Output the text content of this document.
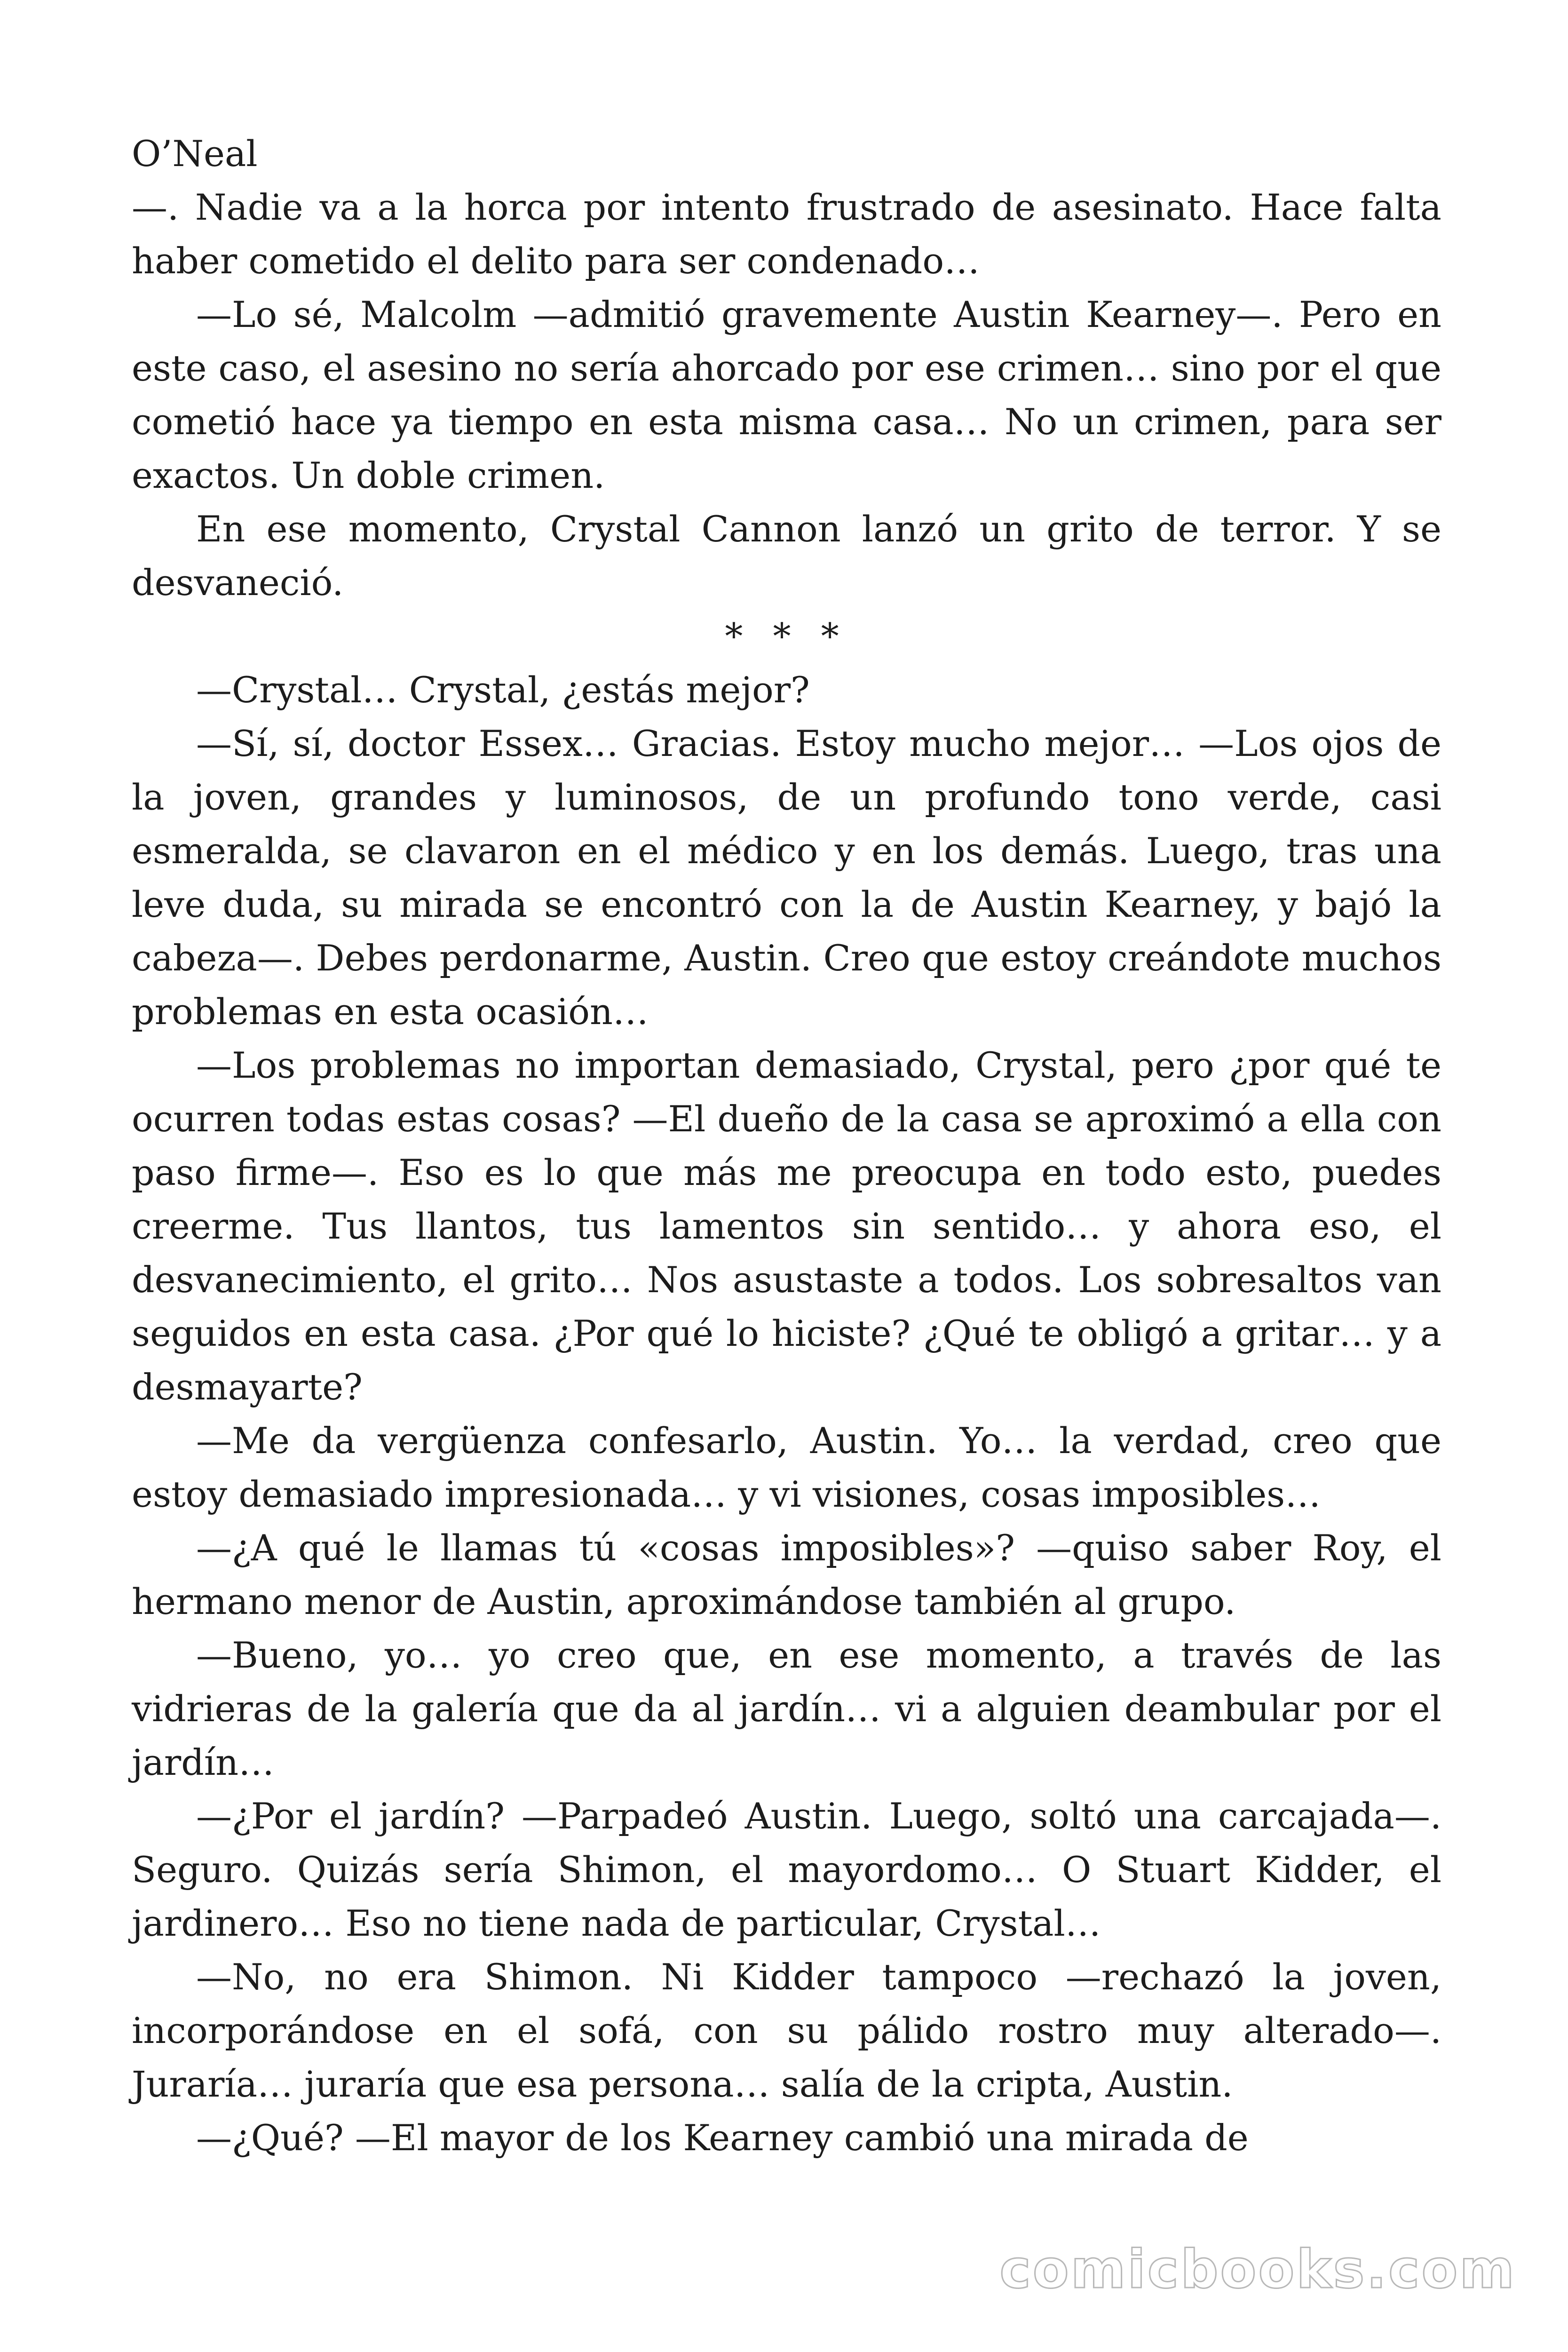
O’Neal

—. Nadie va a la horca por intento frustrado de asesinato. Hace falta haber cometido el delito para ser condenado…

—Lo sé, Malcolm —admitió gravemente Austin Kearney—. Pero en este caso, el asesino no sería ahorcado por ese crimen… sino por el que cometió hace ya tiempo en esta misma casa… No un crimen, para ser exactos. Un doble crimen.

En ese momento, Crystal Cannon lanzó un grito de terror. Y se desvaneció.

* * *

—Crystal… Crystal, ¿estás mejor?

—Sí, sí, doctor Essex… Gracias. Estoy mucho mejor… —Los ojos de la joven, grandes y luminosos, de un profundo tono verde, casi esmeralda, se clavaron en el médico y en los demás. Luego, tras una leve duda, su mirada se encontró con la de Austin Kearney, y bajó la cabeza—. Debes perdonarme, Austin. Creo que estoy creándote muchos problemas en esta ocasión…

—Los problemas no importan demasiado, Crystal, pero ¿por qué te ocurren todas estas cosas? —El dueño de la casa se aproximó a ella con paso firme—. Eso es lo que más me preocupa en todo esto, puedes creerme. Tus llantos, tus lamentos sin sentido… y ahora eso, el desvanecimiento, el grito… Nos asustaste a todos. Los sobresaltos van seguidos en esta casa. ¿Por qué lo hiciste? ¿Qué te obligó a gritar… y a desmayarte?

—Me da vergüenza confesarlo, Austin. Yo… la verdad, creo que estoy demasiado impresionada… y vi visiones, cosas imposibles…

—¿A qué le llamas tú «cosas imposibles»? —quiso saber Roy, el hermano menor de Austin, aproximándose también al grupo.

—Bueno, yo… yo creo que, en ese momento, a través de las vidrieras de la galería que da al jardín… vi a alguien deambular por el jardín…

—¿Por el jardín? —Parpadeó Austin. Luego, soltó una carcajada—. Seguro. Quizás sería Shimon, el mayordomo… O Stuart Kidder, el jardinero… Eso no tiene nada de particular, Crystal…

—No, no era Shimon. Ni Kidder tampoco —rechazó la joven, incorporándose en el sofá, con su pálido rostro muy alterado—. Juraría… juraría que esa persona… salía de la cripta, Austin.

—¿Qué? —El mayor de los Kearney cambió una mirada de

comicbooks.com
